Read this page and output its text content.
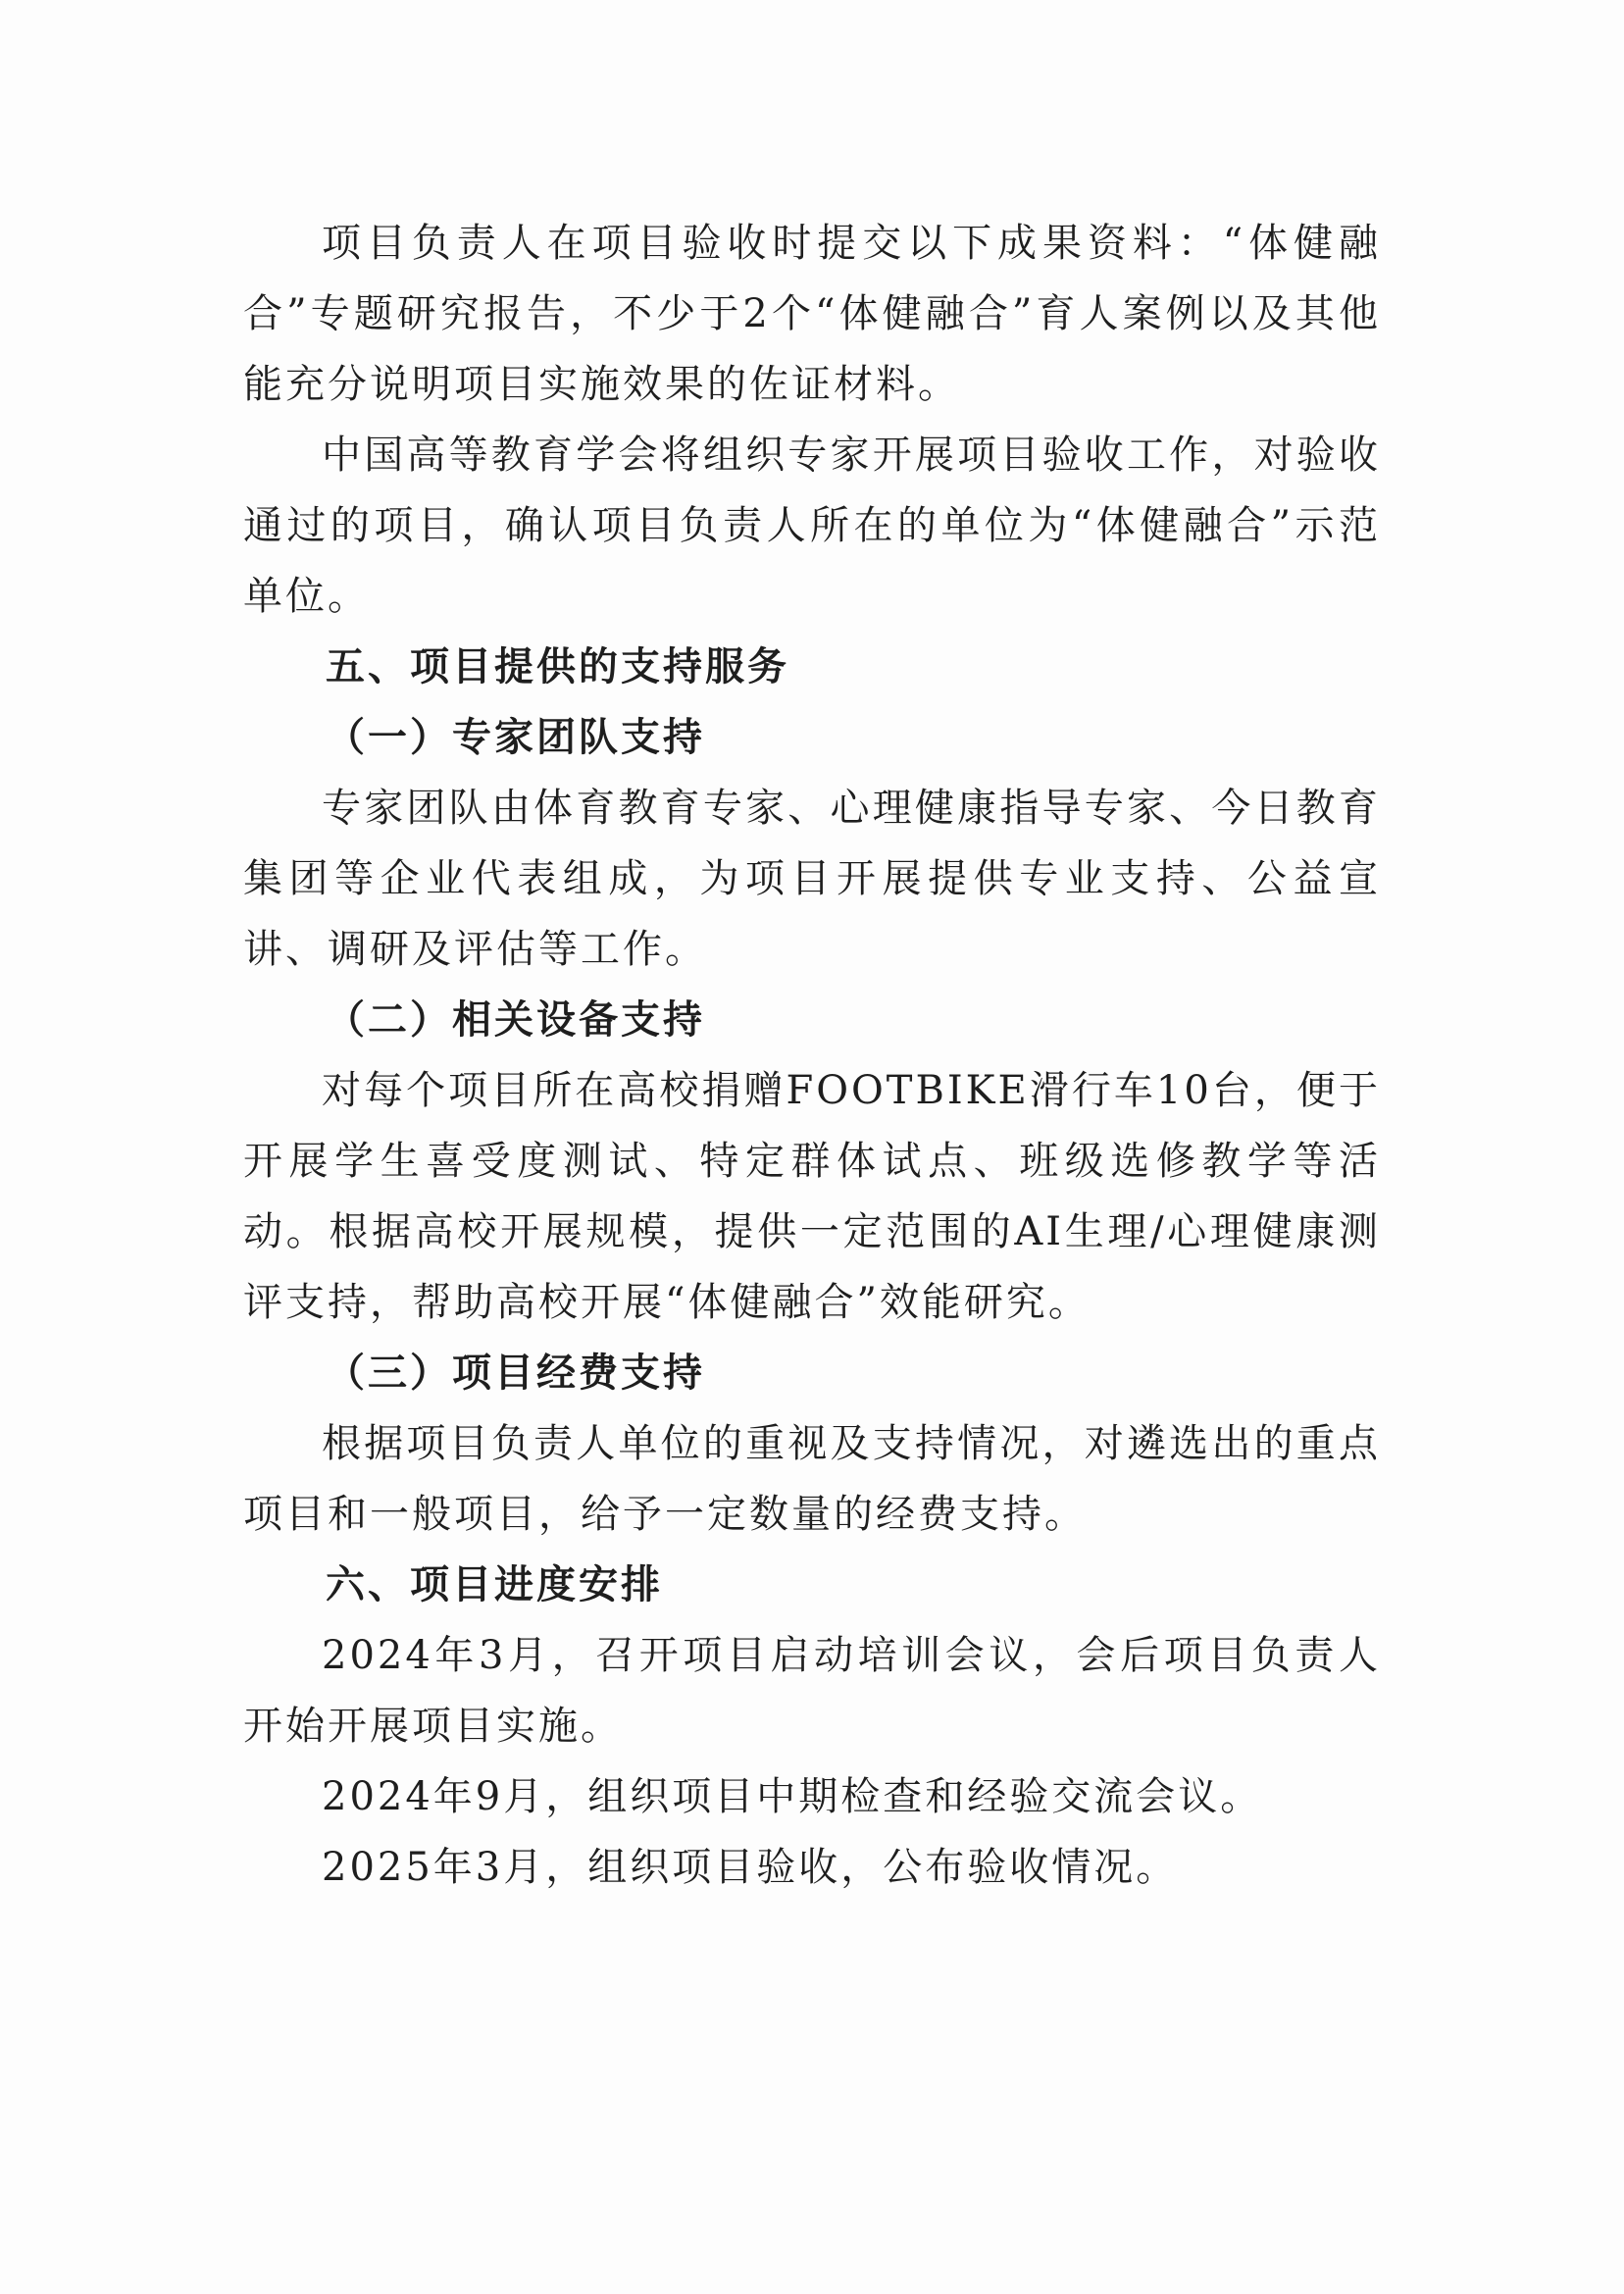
项目负责人在项目验收时提交以下成果资料：“体健融合”专题研究报告，不少于2个“体健融合”育人案例以及其他能充分说明项目实施效果的佐证材料。

中国高等教育学会将组织专家开展项目验收工作，对验收通过的项目，确认项目负责人所在的单位为“体健融合”示范单位。

五、项目提供的支持服务

（一）专家团队支持

专家团队由体育教育专家、心理健康指导专家、今日教育集团等企业代表组成，为项目开展提供专业支持、公益宣讲、调研及评估等工作。

（二）相关设备支持

对每个项目所在高校捐赠FOOTBIKE滑行车10台，便于开展学生喜受度测试、特定群体试点、班级选修教学等活动。根据高校开展规模，提供一定范围的AI生理/心理健康测评支持，帮助高校开展“体健融合”效能研究。

（三）项目经费支持

根据项目负责人单位的重视及支持情况，对遴选出的重点项目和一般项目，给予一定数量的经费支持。

六、项目进度安排

2024年3月，召开项目启动培训会议，会后项目负责人开始开展项目实施。

2024年9月，组织项目中期检查和经验交流会议。

2025年3月，组织项目验收，公布验收情况。
